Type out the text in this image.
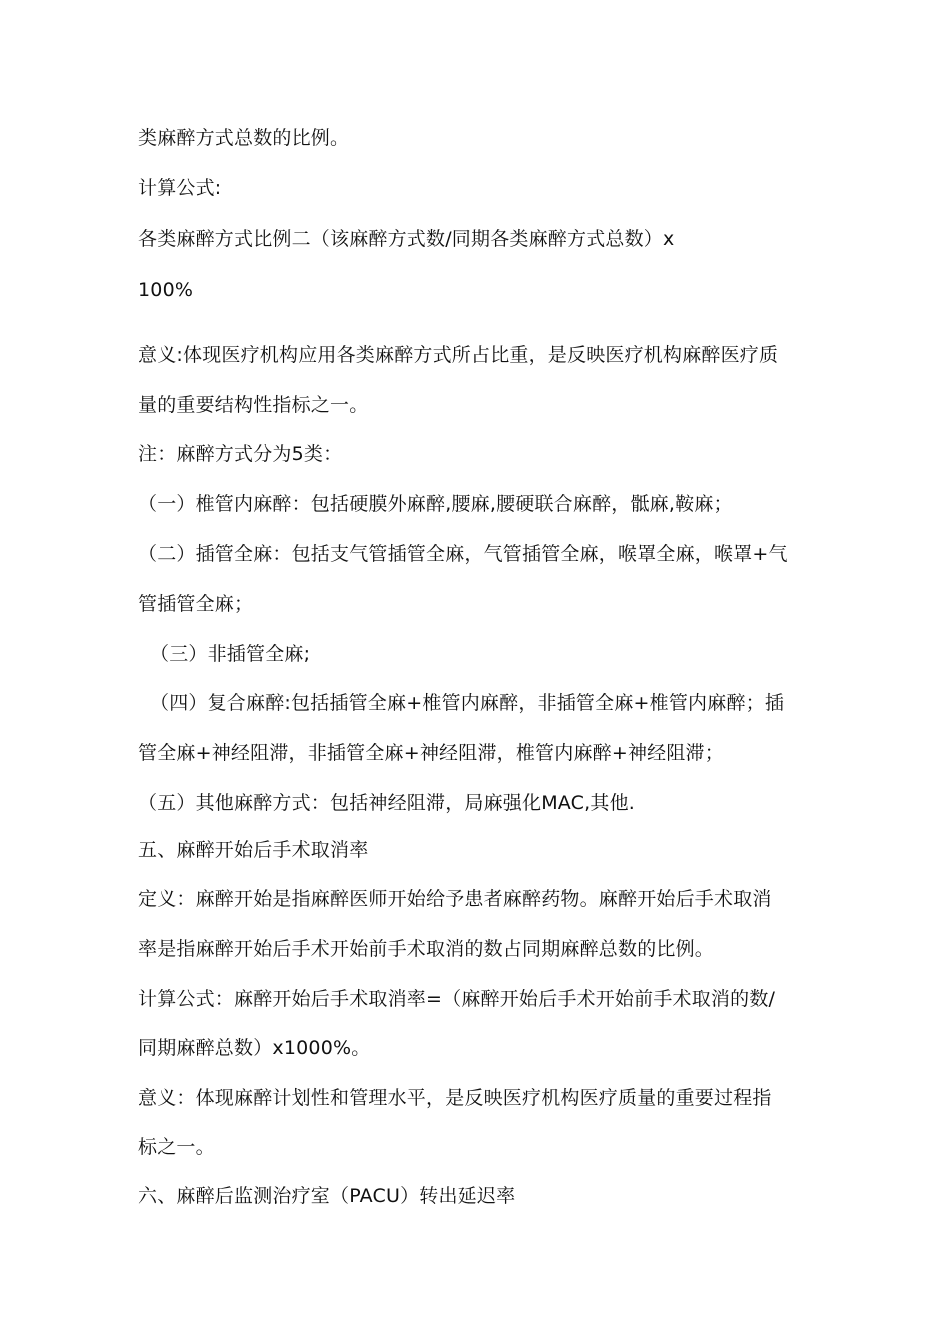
类麻醉方式总数的比例。
计算公式:
各类麻醉方式比例二（该麻醉方式数/同期各类麻醉方式总数）x
100%
意义:体现医疗机构应用各类麻醉方式所占比重，是反映医疗机构麻醉医疗质
量的重要结构性指标之一。
注：麻醉方式分为5类：
（一）椎管内麻醉：包括硬膜外麻醉,腰麻,腰硬联合麻醉，骶麻,鞍麻；
（二）插管全麻：包括支气管插管全麻，气管插管全麻，喉罩全麻，喉罩+气
管插管全麻；
（三）非插管全麻;
（四）复合麻醉:包括插管全麻+椎管内麻醉，非插管全麻+椎管内麻醉；插
管全麻+神经阻滞，非插管全麻+神经阻滞，椎管内麻醉+神经阻滞；
（五）其他麻醉方式：包括神经阻滞，局麻强化MAC,其他.
五、麻醉开始后手术取消率
定义：麻醉开始是指麻醉医师开始给予患者麻醉药物。麻醉开始后手术取消
率是指麻醉开始后手术开始前手术取消的数占同期麻醉总数的比例。
计算公式：麻醉开始后手术取消率=（麻醉开始后手术开始前手术取消的数/
同期麻醉总数）x1000%。
意义：体现麻醉计划性和管理水平，是反映医疗机构医疗质量的重要过程指
标之一。
六、麻醉后监测治疗室（PACU）转出延迟率
